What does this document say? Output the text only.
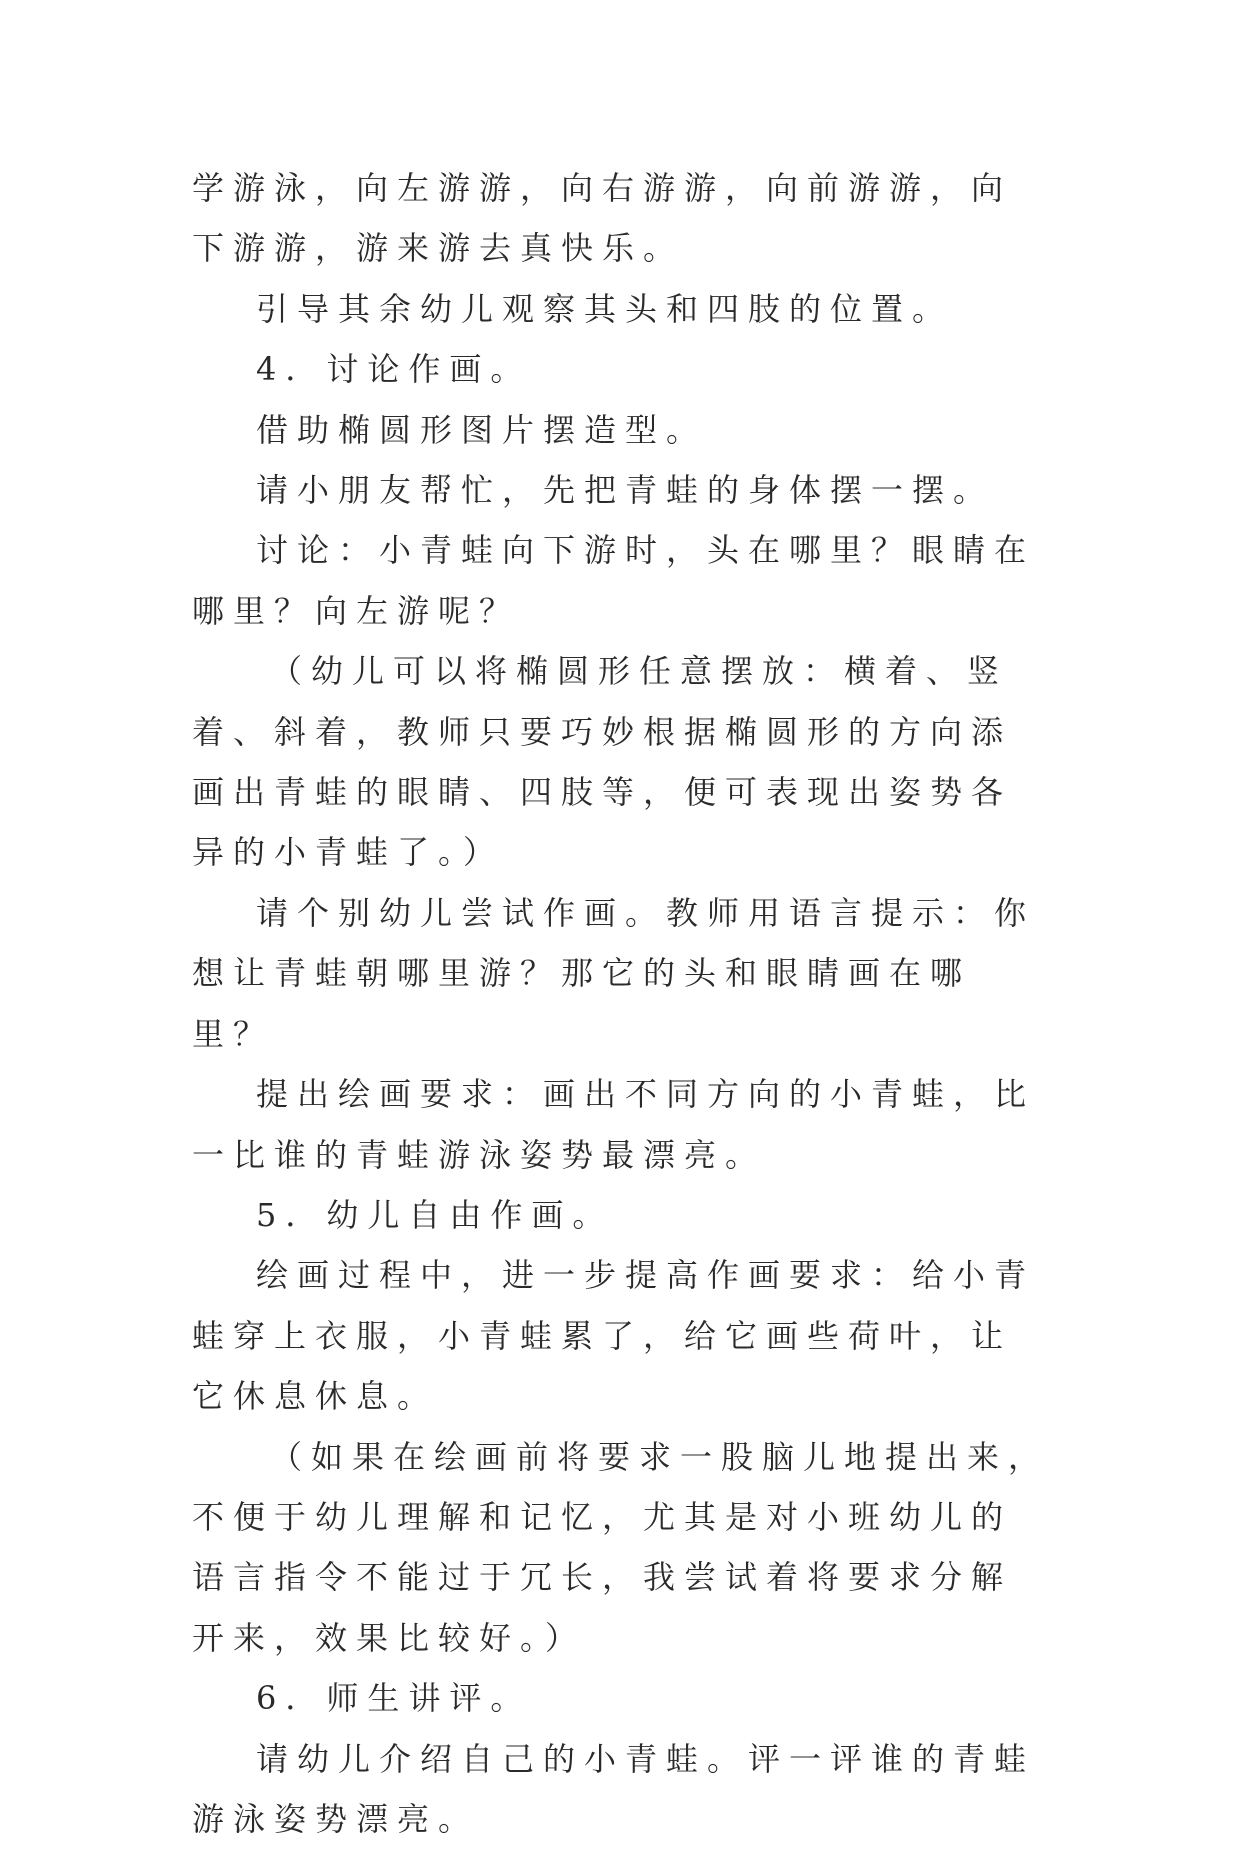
学游泳，向左游游，向右游游，向前游游，向下游游，游来游去真快乐。

引导其余幼儿观察其头和四肢的位置。

4．讨论作画。

借助椭圆形图片摆造型。

请小朋友帮忙，先把青蛙的身体摆一摆。

讨论：小青蛙向下游时，头在哪里？眼睛在哪里？向左游呢？

（幼儿可以将椭圆形任意摆放：横着、竖着、斜着，教师只要巧妙根据椭圆形的方向添画出青蛙的眼睛、四肢等，便可表现出姿势各异的小青蛙了。）

请个别幼儿尝试作画。教师用语言提示：你想让青蛙朝哪里游？那它的头和眼睛画在哪里？

提出绘画要求：画出不同方向的小青蛙，比一比谁的青蛙游泳姿势最漂亮。

5．幼儿自由作画。

绘画过程中，进一步提高作画要求：给小青蛙穿上衣服，小青蛙累了，给它画些荷叶，让它休息休息。

（如果在绘画前将要求一股脑儿地提出来，不便于幼儿理解和记忆，尤其是对小班幼儿的语言指令不能过于冗长，我尝试着将要求分解开来，效果比较好。）

6．师生讲评。

请幼儿介绍自己的小青蛙。评一评谁的青蛙游泳姿势漂亮。
